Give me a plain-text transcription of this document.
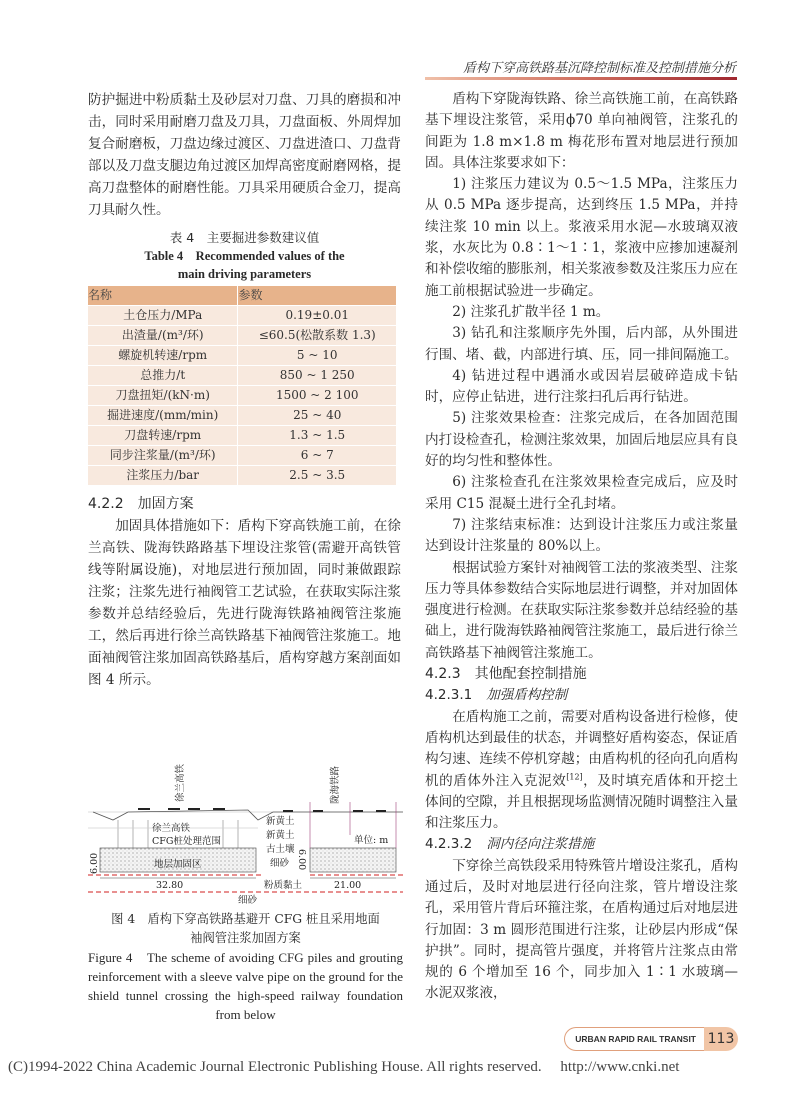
盾构下穿高铁路基沉降控制标准及控制措施分析

防护掘进中粉质黏土及砂层对刀盘、刀具的磨损和冲击，同时采用耐磨刀盘及刀具，刀盘面板、外周焊加复合耐磨板，刀盘边缘过渡区、刀盘进渣口、刀盘背部以及刀盘支腿边角过渡区加焊高密度耐磨网格，提高刀盘整体的耐磨性能。刀具采用硬质合金刀，提高刀具耐久性。

表 4　主要掘进参数建议值
Table 4　Recommended values of the
main driving parameters
名称	参数
土仓压力/MPa	0.19±0.01
出渣量/(m³/环)	≤60.5(松散系数 1.3)
螺旋机转速/rpm	5 ~ 10
总推力/t	850 ~ 1 250
刀盘扭矩/(kN·m)	1500 ~ 2 100
掘进速度/(mm/min)	25 ~ 40
刀盘转速/rpm	1.3 ~ 1.5
同步注浆量/(m³/环)	6 ~ 7
注浆压力/bar	2.5 ~ 3.5

4.2.2　加固方案

加固具体措施如下：盾构下穿高铁施工前，在徐兰高铁、陇海铁路路基下埋设注浆管(需避开高铁管线等附属设施)，对地层进行预加固，同时兼做跟踪注浆；注浆先进行袖阀管工艺试验，在获取实际注浆参数并总结经验后，先进行陇海铁路袖阀管注浆施工，然后再进行徐兰高铁路基下袖阀管注浆施工。地面袖阀管注浆加固高铁路基后，盾构穿越方案剖面如图 4 所示。

徐兰高铁	陇海铁路
新黄土
新黄土
徐兰高铁
CFG桩处理范围
古土壤
细砂
地层加固区
单位: m
6.00	6.00
32.80	21.00
粉质黏土
细砂
图 4　盾构下穿高铁路基避开 CFG 桩且采用地面
袖阀管注浆加固方案
Figure 4　The scheme of avoiding CFG piles and grouting reinforcement with a sleeve valve pipe on the ground for the shield tunnel crossing the high-speed railway foundation from below

盾构下穿陇海铁路、徐兰高铁施工前，在高铁路基下埋设注浆管，采用ϕ70 单向袖阀管，注浆孔的间距为 1.8 m×1.8 m 梅花形布置对地层进行预加固。具体注浆要求如下：

1) 注浆压力建议为 0.5～1.5 MPa，注浆压力从 0.5 MPa 逐步提高，达到终压 1.5 MPa，并持续注浆 10 min 以上。浆液采用水泥—水玻璃双液浆，水灰比为 0.8∶1～1∶1，浆液中应掺加速凝剂和补偿收缩的膨胀剂，相关浆液参数及注浆压力应在施工前根据试验进一步确定。

2) 注浆孔扩散半径 1 m。

3) 钻孔和注浆顺序先外围，后内部，从外围进行围、堵、截，内部进行填、压，同一排间隔施工。

4) 钻进过程中遇涌水或因岩层破碎造成卡钻时，应停止钻进，进行注浆扫孔后再行钻进。

5) 注浆效果检查：注浆完成后，在各加固范围内打设检查孔，检测注浆效果，加固后地层应具有良好的均匀性和整体性。

6) 注浆检查孔在注浆效果检查完成后，应及时采用 C15 混凝土进行全孔封堵。

7) 注浆结束标准：达到设计注浆压力或注浆量达到设计注浆量的 80%以上。

根据试验方案针对袖阀管工法的浆液类型、注浆压力等具体参数结合实际地层进行调整，并对加固体强度进行检测。在获取实际注浆参数并总结经验的基础上，进行陇海铁路袖阀管注浆施工，最后进行徐兰高铁路基下袖阀管注浆施工。

4.2.3　其他配套控制措施

4.2.3.1 加强盾构控制

在盾构施工之前，需要对盾构设备进行检修，使盾构机达到最佳的状态，并调整好盾构姿态，保证盾构匀速、连续不停机穿越；由盾构机的径向孔向盾构机的盾体外注入克泥效[12]，及时填充盾体和开挖土体间的空隙，并且根据现场监测情况随时调整注入量和注浆压力。

4.2.3.2 洞内径向注浆措施

下穿徐兰高铁段采用特殊管片增设注浆孔，盾构通过后，及时对地层进行径向注浆，管片增设注浆孔，采用管片背后环箍注浆，在盾构通过后对地层进行加固：3 m 圆形范围进行注浆，让砂层内形成“保护拱”。同时，提高管片强度，并将管片注浆点由常规的 6 个增加至 16 个，同步加入 1∶1 水玻璃—水泥双浆液，

URBAN RAPID RAIL TRANSIT 113
(C)1994-2022 China Academic Journal Electronic Publishing House. All rights reserved.　 http://www.cnki.net
